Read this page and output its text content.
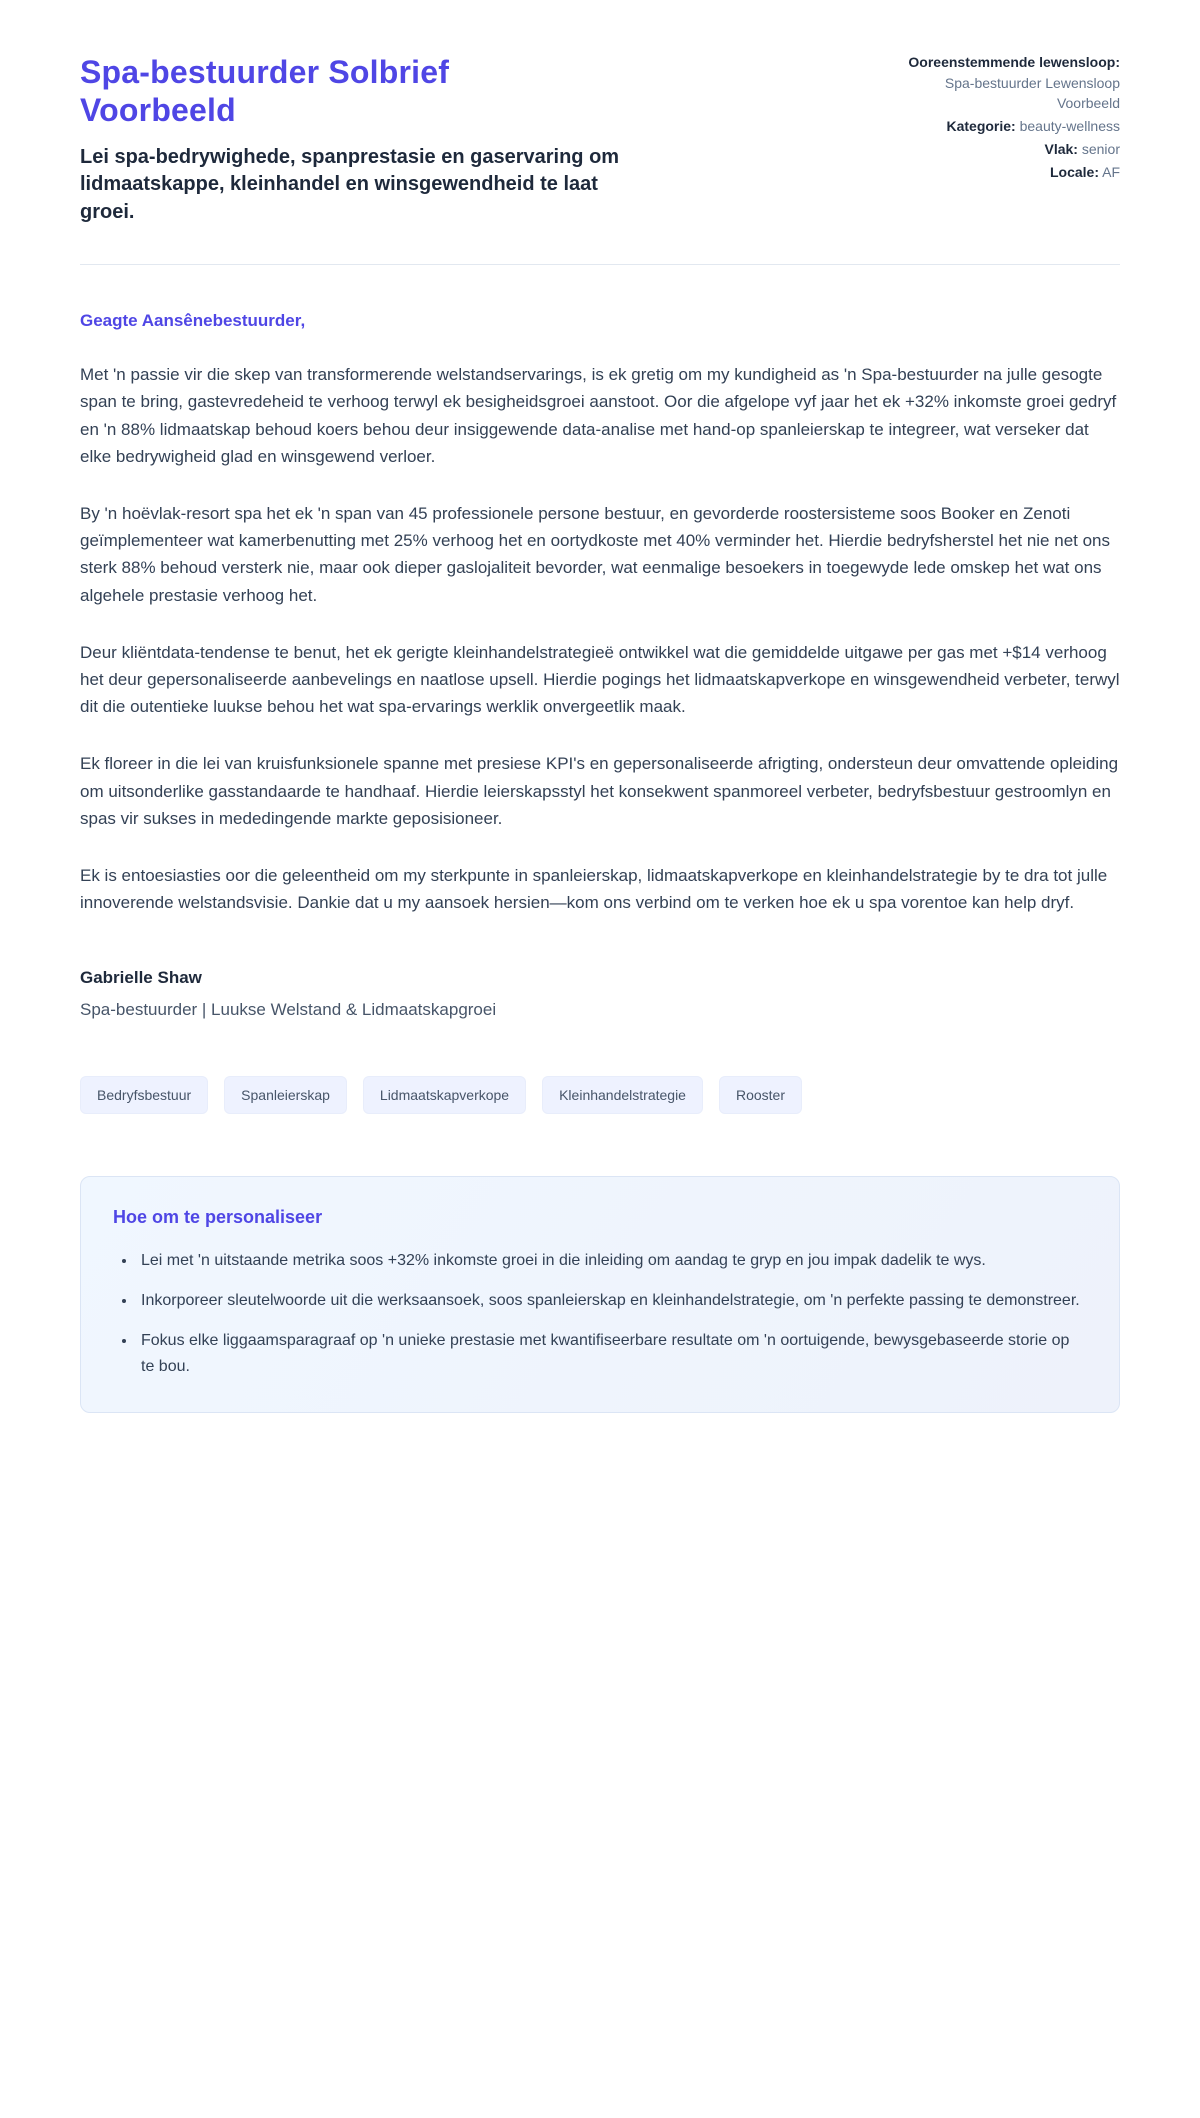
Spa-bestuurder Solbrief Voorbeeld

Lei spa-bedrywighede, spanprestasie en gaservaring om lidmaatskappe, kleinhandel en winsgewendheid te laat groei.

Ooreenstemmende lewensloop: Spa-bestuurder Lewensloop Voorbeeld
Kategorie: beauty-wellness
Vlak: senior
Locale: AF

Geagte Aansênebestuurder,

Met 'n passie vir die skep van transformerende welstandservarings, is ek gretig om my kundigheid as 'n Spa-bestuurder na julle gesogte span te bring, gastevredeheid te verhoog terwyl ek besigheidsgroei aanstoot. Oor die afgelope vyf jaar het ek +32% inkomste groei gedryf en 'n 88% lidmaatskap behoud koers behou deur insiggewende data-analise met hand-op spanleierskap te integreer, wat verseker dat elke bedrywigheid glad en winsgewend verloer.

By 'n hoëvlak-resort spa het ek 'n span van 45 professionele persone bestuur, en gevorderde roostersisteme soos Booker en Zenoti geïmplementeer wat kamerbenutting met 25% verhoog het en oortydkoste met 40% verminder het. Hierdie bedryfsherstel het nie net ons sterk 88% behoud versterk nie, maar ook dieper gaslojaliteit bevorder, wat eenmalige besoekers in toegewyde lede omskep het wat ons algehele prestasie verhoog het.

Deur kliëntdata-tendense te benut, het ek gerigte kleinhandelstrategieë ontwikkel wat die gemiddelde uitgawe per gas met +$14 verhoog het deur gepersonaliseerde aanbevelings en naatlose upsell. Hierdie pogings het lidmaatskapverkope en winsgewendheid verbeter, terwyl dit die outentieke luukse behou het wat spa-ervarings werklik onvergeetlik maak.

Ek floreer in die lei van kruisfunksionele spanne met presiese KPI's en gepersonaliseerde afrigting, ondersteun deur omvattende opleiding om uitsonderlike gasstandaarde te handhaaf. Hierdie leierskapsstyl het konsekwent spanmoreel verbeter, bedryfsbestuur gestroomlyn en spas vir sukses in mededingende markte geposisioneer.

Ek is entoesiasties oor die geleentheid om my sterkpunte in spanleierskap, lidmaatskapverkope en kleinhandelstrategie by te dra tot julle innoverende welstandsvisie. Dankie dat u my aansoek hersien—kom ons verbind om te verken hoe ek u spa vorentoe kan help dryf.

Gabrielle Shaw
Spa-bestuurder | Luukse Welstand & Lidmaatskapgroei
Bedryfsbestuur	Spanleierskap	Lidmaatskapverkope	Kleinhandelstrategie	Rooster
Hoe om te personaliseer
• Lei met 'n uitstaande metrika soos +32% inkomste groei in die inleiding om aandag te gryp en jou impak dadelik te wys.
• Inkorporeer sleutelwoorde uit die werksaansoek, soos spanleierskap en kleinhandelstrategie, om 'n perfekte passing te demonstreer.
• Fokus elke liggaamsparagraaf op 'n unieke prestasie met kwantifiseerbare resultate om 'n oortuigende, bewysgebaseerde storie op te bou.
